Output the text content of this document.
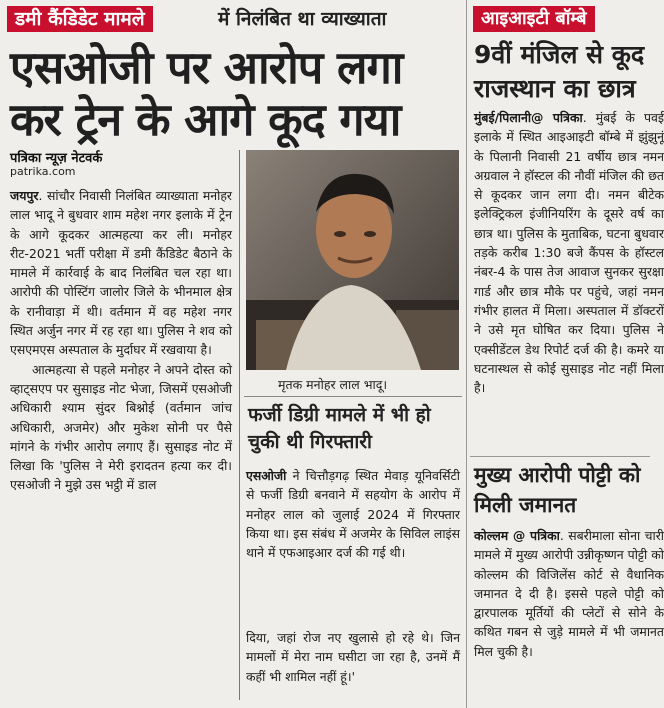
डमी कैंडिडेट मामले	में निलंबित था व्याख्याता
एसओजी पर आरोप लगा
कर ट्रेन के आगे कूद गया
पत्रिका न्यूज़ नेटवर्क
patrika.com

जयपुर. सांचौर निवासी निलंबित व्याख्याता मनोहर लाल भादू ने बुधवार शाम महेश नगर इलाके में ट्रेन के आगे कूदकर आत्महत्या कर ली। मनोहर रीट-2021 भर्ती परीक्षा में डमी कैंडिडेट बैठाने के मामले में कार्रवाई के बाद निलंबित चल रहा था। आरोपी की पोस्टिंग जालोर जिले के भीनमाल क्षेत्र के रानीवाड़ा में थी। वर्तमान में वह महेश नगर स्थित अर्जुन नगर में रह रहा था। पुलिस ने शव को एसएमएस अस्पताल के मुर्दाघर में रखवाया है।

आत्महत्या से पहले मनोहर ने अपने दोस्त को व्हाट्सएप पर सुसाइड नोट भेजा, जिसमें एसओजी अधिकारी श्याम सुंदर बिश्नोई (वर्तमान जांच अधिकारी, अजमेर) और मुकेश सोनी पर पैसे मांगने के गंभीर आरोप लगाए हैं। सुसाइड नोट में लिखा कि 'पुलिस ने मेरी इरादतन हत्या कर दी। एसओजी ने मुझे उस भट्ठी में डाल

मृतक मनोहर लाल भादू।
फर्जी डिग्री मामले में भी हो चुकी थी गिरफ्तारी

एसओजी ने चित्तौड़गढ़ स्थित मेवाड़ यूनिवर्सिटी से फर्जी डिग्री बनवाने में सहयोग के आरोप में मनोहर लाल को जुलाई 2024 में गिरफ्तार किया था। इस संबंध में अजमेर के सिविल लाइंस थाने में एफआइआर दर्ज की गई थी।

दिया, जहां रोज नए खुलासे हो रहे थे। जिन मामलों में मेरा नाम घसीटा जा रहा है, उनमें मैं कहीं भी शामिल नहीं हूं।'

आइआइटी बॉम्बे
9वीं मंजिल से कूद
राजस्थान का छात्र

मुंबई/पिलानी@ पत्रिका. मुंबई के पवई इलाके में स्थित आइआइटी बॉम्बे में झुंझुनूं के पिलानी निवासी 21 वर्षीय छात्र नमन अग्रवाल ने हॉस्टल की नौवीं मंजिल की छत से कूदकर जान लगा दी। नमन बीटेक इलेक्ट्रिकल इंजीनियरिंग के दूसरे वर्ष का छात्र था। पुलिस के मुताबिक, घटना बुधवार तड़के करीब 1:30 बजे कैंपस के हॉस्टल नंबर-4 के पास तेज आवाज सुनकर सुरक्षा गार्ड और छात्र मौके पर पहुंचे, जहां नमन गंभीर हालत में मिला। अस्पताल में डॉक्टरों ने उसे मृत घोषित कर दिया। पुलिस ने एक्सीडेंटल डेथ रिपोर्ट दर्ज की है। कमरे या घटनास्थल से कोई सुसाइड नोट नहीं मिला है।

मुख्य आरोपी पोट्टी को
मिली जमानत

कोल्लम @ पत्रिका. सबरीमाला सोना चारी मामले में मुख्य आरोपी उन्नीकृष्णन पोट्टी को कोल्लम की विजिलेंस कोर्ट से वैधानिक जमानत दे दी है। इससे पहले पोट्टी को द्वारपालक मूर्तियों की प्लेटों से सोने के कथित गबन से जुड़े मामले में भी जमानत मिल चुकी है।
